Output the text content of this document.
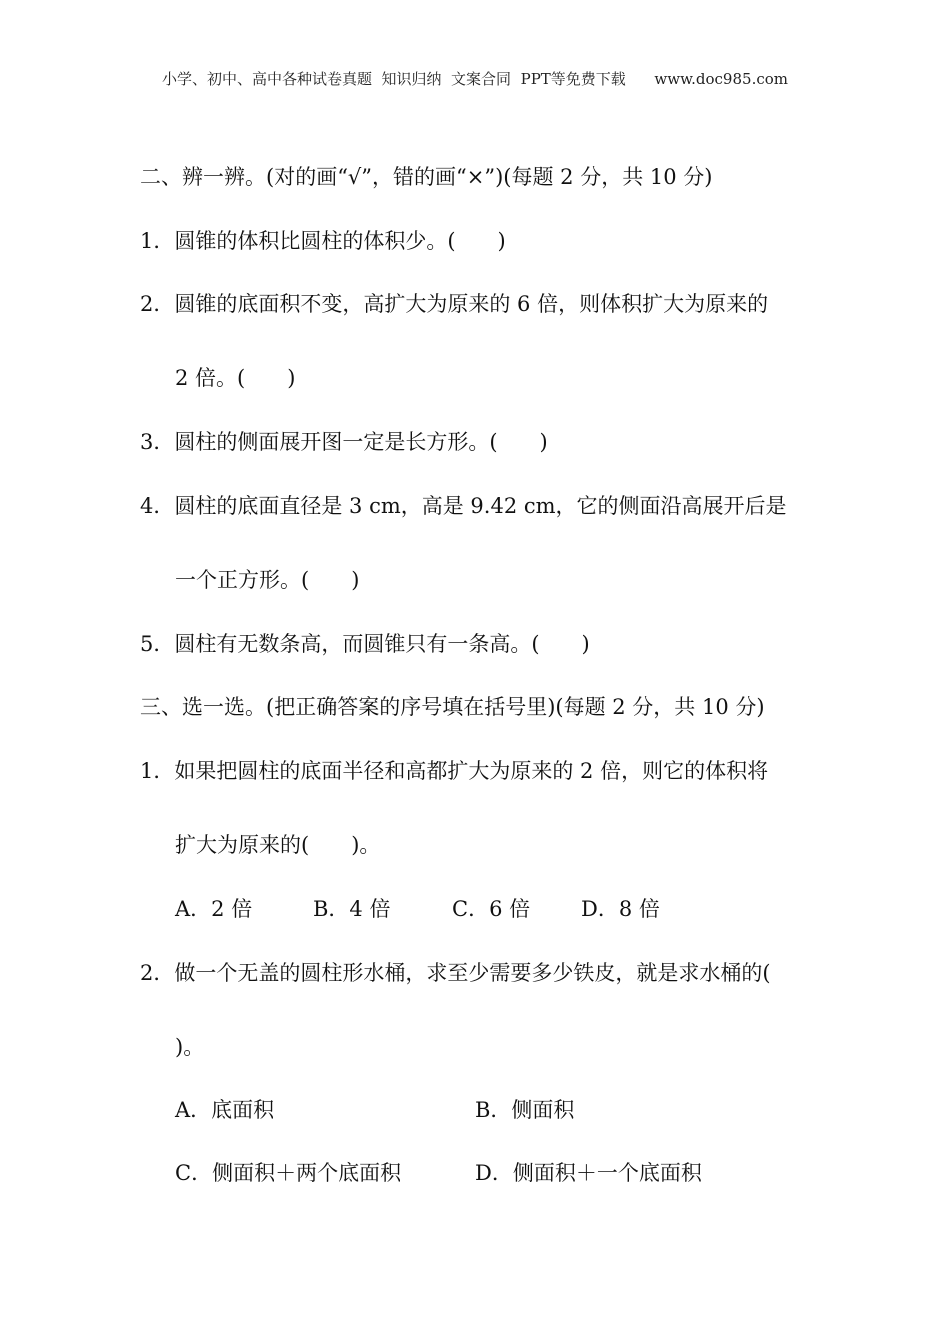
小学、初中、高中各种试卷真题  知识归纳  文案合同  PPT等免费下载      www.doc985.com
二、辨一辨。(对的画“√”，错的画“×”)(每题 2 分，共 10 分)
1．圆锥的体积比圆柱的体积少。(　　)
2．圆锥的底面积不变，高扩大为原来的 6 倍，则体积扩大为原来的
2 倍。(　　)
3．圆柱的侧面展开图一定是长方形。(　　)
4．圆柱的底面直径是 3 cm，高是 9.42 cm，它的侧面沿高展开后是
一个正方形。(　　)
5．圆柱有无数条高，而圆锥只有一条高。(　　)
三、选一选。(把正确答案的序号填在括号里)(每题 2 分，共 10 分)
1．如果把圆柱的底面半径和高都扩大为原来的 2 倍，则它的体积将
扩大为原来的(　　)。
A．2 倍	B．4 倍	C．6 倍 D．8 倍
2．做一个无盖的圆柱形水桶，求至少需要多少铁皮，就是求水桶的(
)。
A．底面积	B．侧面积
C．侧面积＋两个底面积	D．侧面积＋一个底面积
